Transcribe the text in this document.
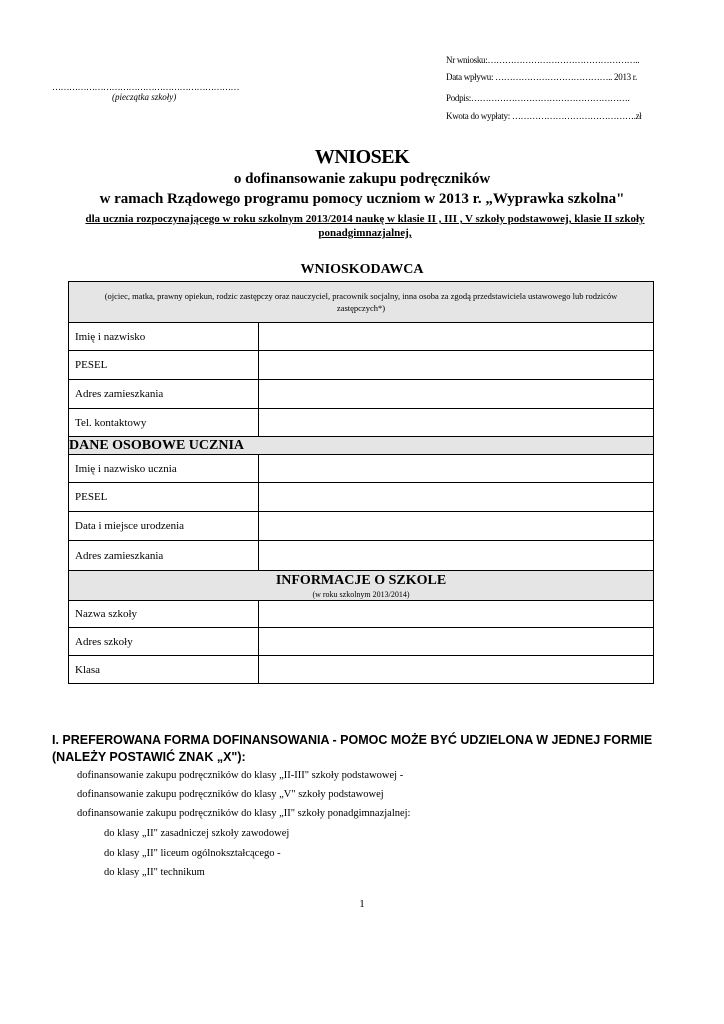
Nr wniosku:……………………………………………..
Data wpływu: ………………………………….. 2013 r.
Podpis:……………………………………………….
Kwota do wypłaty: …………………………………….zł
…………………………………………………………
(pieczątka szkoły)
WNIOSEK
o dofinansowanie zakupu podręczników
w ramach Rządowego programu pomocy uczniom w 2013 r. „Wyprawka szkolna"
dla ucznia rozpoczynającego w roku szkolnym 2013/2014 naukę w klasie II , III , V szkoły podstawowej, klasie II szkoły ponadgimnazjalnej,
WNIOSKODAWCA
(ojciec, matka, prawny opiekun, rodzic zastępczy oraz nauczyciel, pracownik socjalny, inna osoba za zgodą przedstawiciela ustawowego lub rodziców zastępczych*)
Imię i nazwisko
PESEL
Adres zamieszkania
Tel. kontaktowy
DANE OSOBOWE UCZNIA
Imię i nazwisko ucznia
PESEL
Data i miejsce urodzenia
Adres zamieszkania
INFORMACJE O SZKOLE
(w roku szkolnym 2013/2014)
Nazwa szkoły
Adres szkoły
Klasa
I. PREFEROWANA FORMA DOFINANSOWANIA - POMOC MOŻE BYĆ UDZIELONA W JEDNEJ FORMIE (NALEŻY POSTAWIĆ ZNAK „X"):
dofinansowanie zakupu podręczników do klasy „II-III" szkoły podstawowej -
dofinansowanie zakupu podręczników do klasy „V" szkoły podstawowej
dofinansowanie zakupu podręczników do klasy „II" szkoły ponadgimnazjalnej:
do klasy „II" zasadniczej szkoły zawodowej
do klasy „II" liceum ogólnokształcącego -
do klasy „II" technikum
1
